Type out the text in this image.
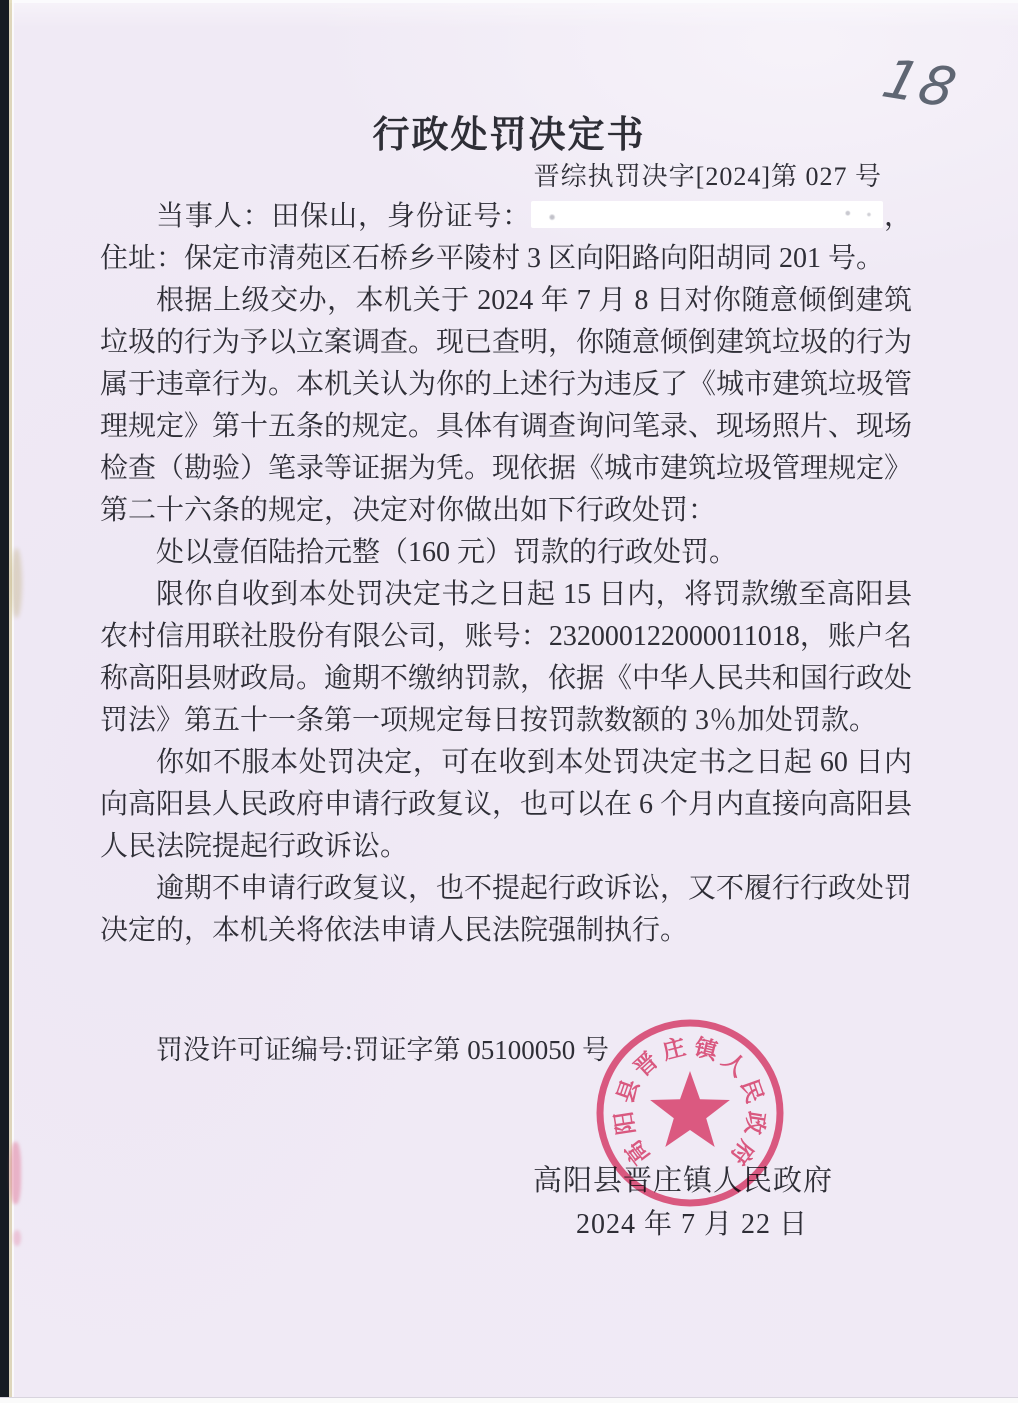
18
行政处罚决定书
晋综执罚决字[2024]第 027 号

当事人：田保山，身份证号：	，住址：保定市清苑区石桥乡平陵村 3 区向阳路向阳胡同 201 号。

根据上级交办，本机关于 2024 年 7 月 8 日对你随意倾倒建筑垃圾的行为予以立案调查。现已查明，你随意倾倒建筑垃圾的行为属于违章行为。本机关认为你的上述行为违反了《城市建筑垃圾管理规定》第十五条的规定。具体有调查询问笔录、现场照片、现场检查（勘验）笔录等证据为凭。现依据《城市建筑垃圾管理规定》第二十六条的规定，决定对你做出如下行政处罚：

处以壹佰陆拾元整（160 元）罚款的行政处罚。

限你自收到本处罚决定书之日起 15 日内，将罚款缴至高阳县农村信用联社股份有限公司，账号：232000122000011018，账户名称高阳县财政局。逾期不缴纳罚款，依据《中华人民共和国行政处罚法》第五十一条第一项规定每日按罚款数额的 3％加处罚款。

你如不服本处罚决定，可在收到本处罚决定书之日起 60 日内向高阳县人民政府申请行政复议，也可以在 6 个月内直接向高阳县人民法院提起行政诉讼。

逾期不申请行政复议，也不提起行政诉讼，又不履行行政处罚决定的，本机关将依法申请人民法院强制执行。

罚没许可证编号:罚证字第 05100050 号
高阳县晋庄镇人民政府
2024 年 7 月 22 日
高
阳
县
晋
庄 镇
人
民
政
府
